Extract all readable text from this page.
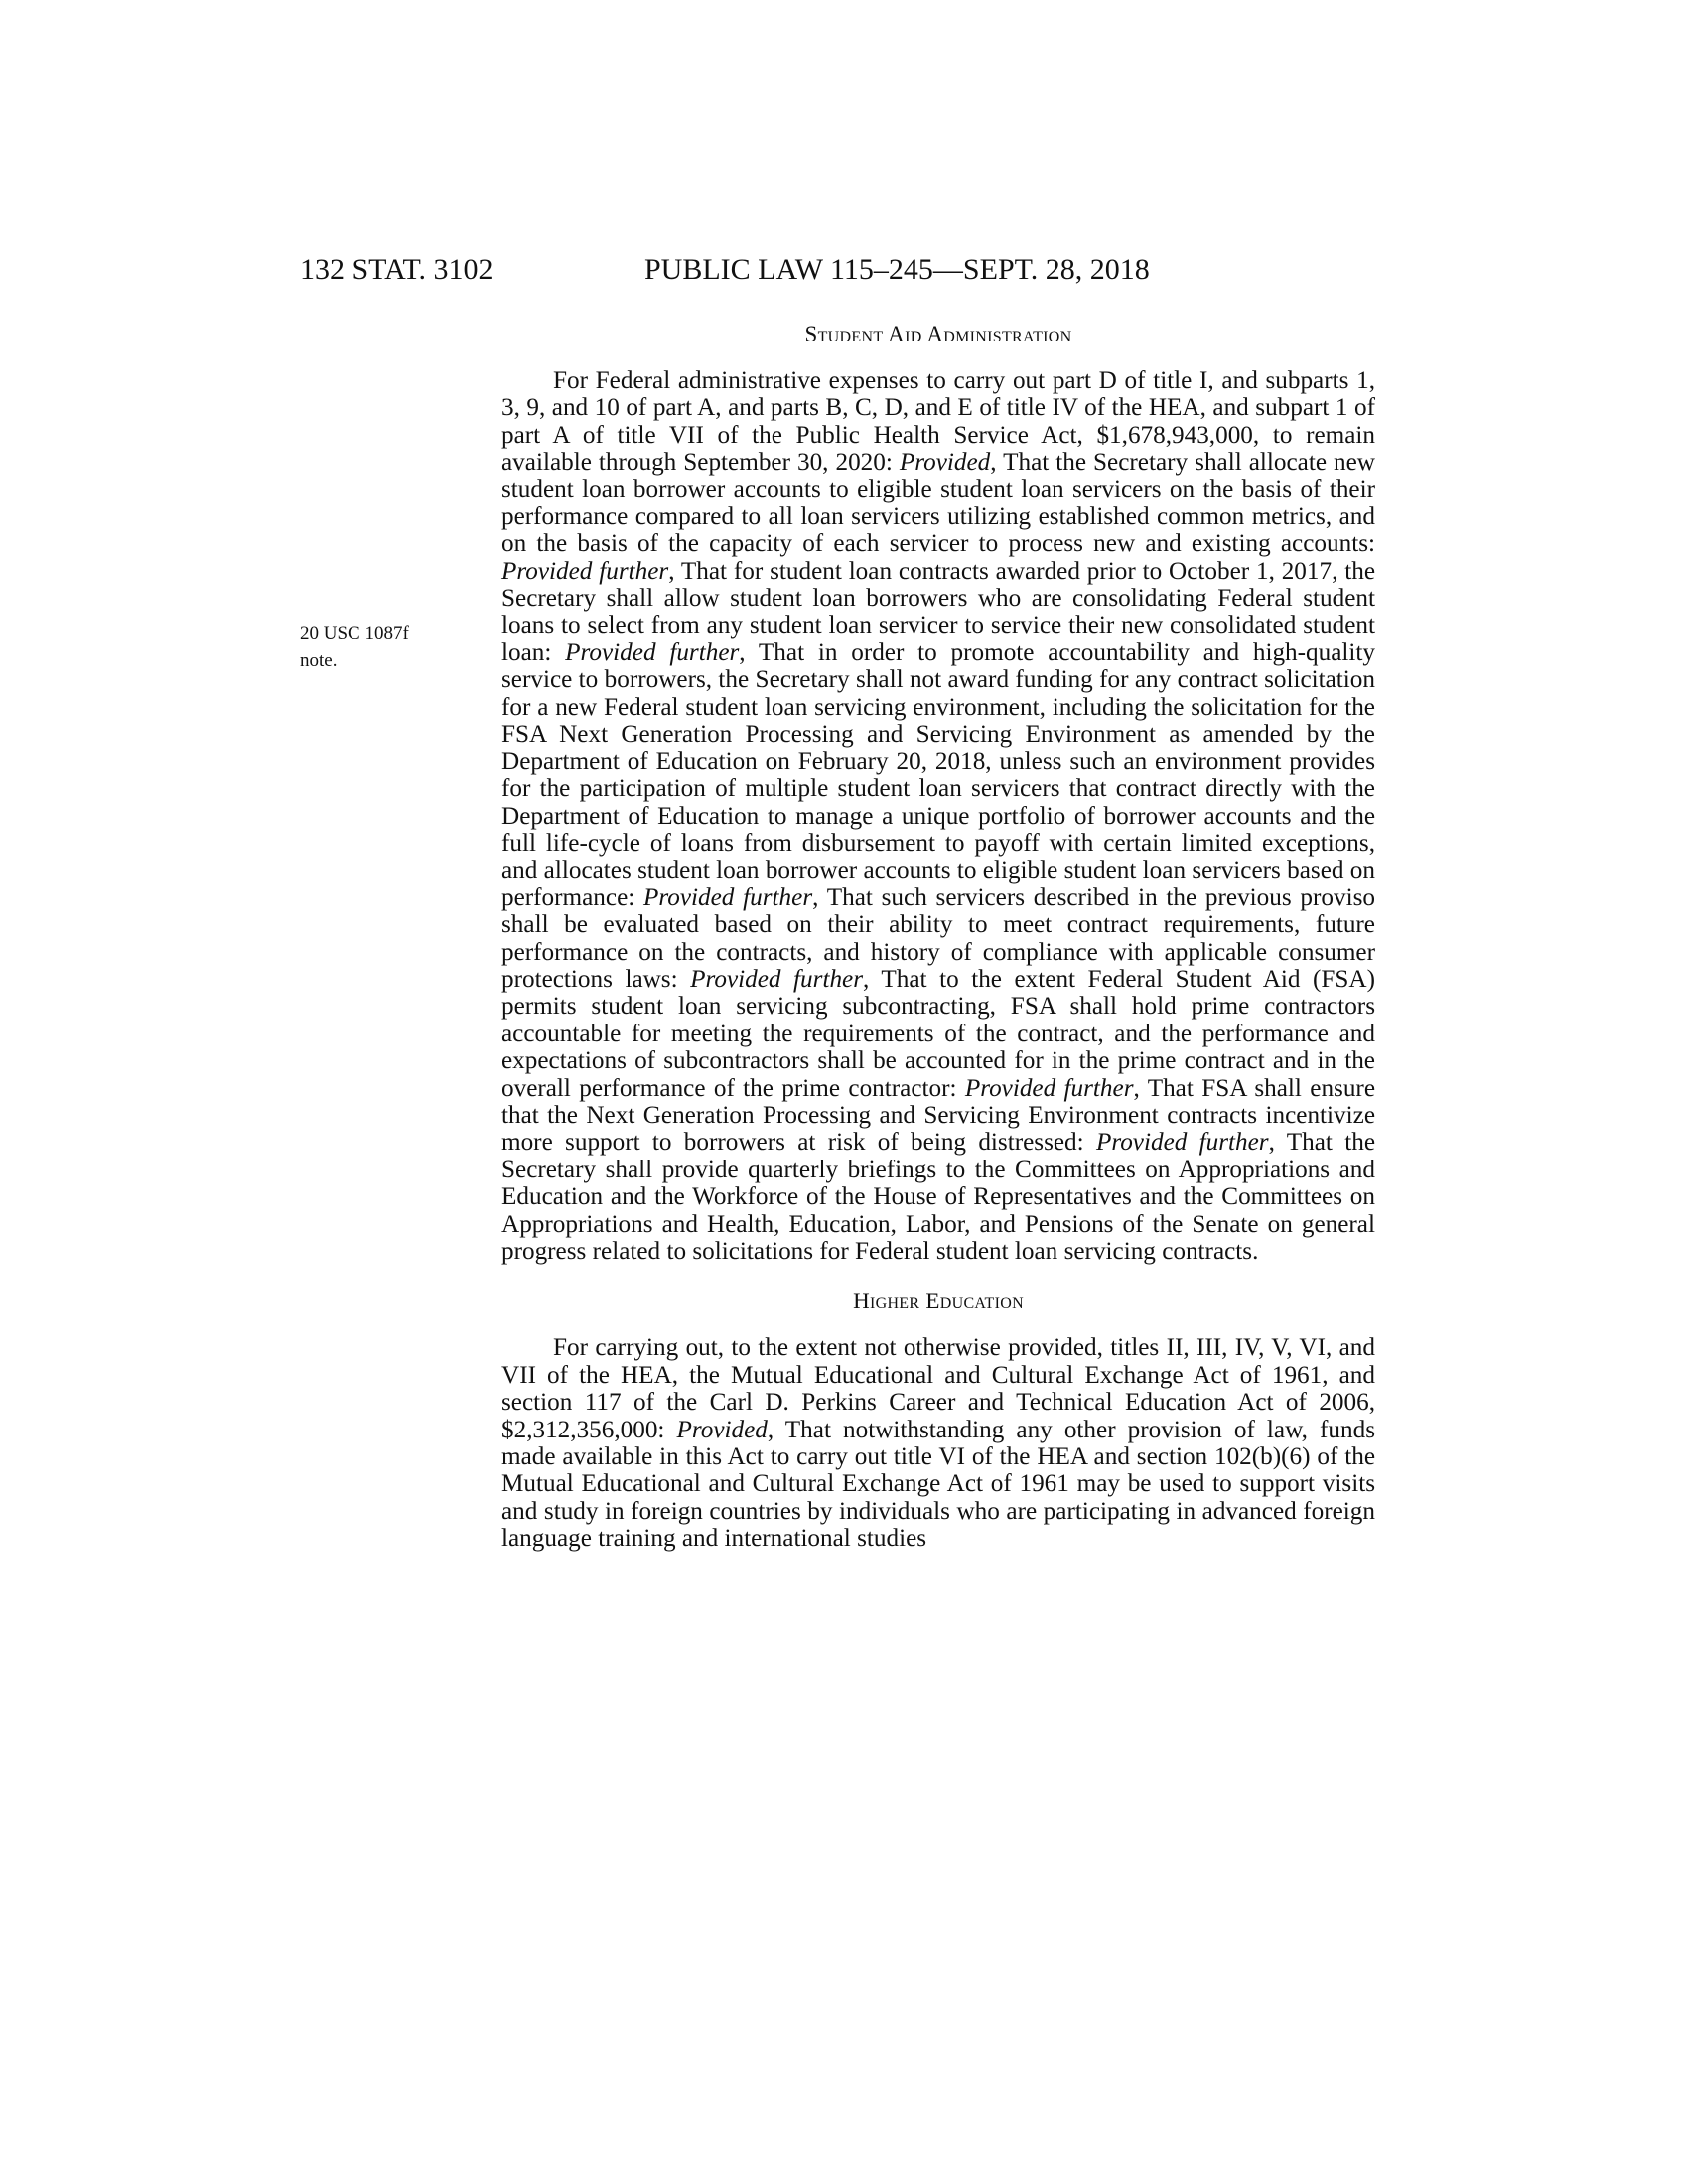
132 STAT. 3102	PUBLIC LAW 115–245—SEPT. 28, 2018
20 USC 1087f
note.
Student Aid Administration

For Federal administrative expenses to carry out part D of title I, and subparts 1, 3, 9, and 10 of part A, and parts B, C, D, and E of title IV of the HEA, and subpart 1 of part A of title VII of the Public Health Service Act, $1,678,943,000, to remain available through September 30, 2020: Provided, That the Secretary shall allocate new student loan borrower accounts to eligible student loan servicers on the basis of their performance compared to all loan servicers utilizing established common metrics, and on the basis of the capacity of each servicer to process new and existing accounts: Provided further, That for student loan contracts awarded prior to October 1, 2017, the Secretary shall allow student loan borrowers who are consolidating Federal student loans to select from any student loan servicer to service their new consolidated student loan: Provided further, That in order to promote accountability and high-quality service to borrowers, the Secretary shall not award funding for any contract solicitation for a new Federal student loan servicing environment, including the solicitation for the FSA Next Generation Processing and Servicing Environment as amended by the Department of Education on February 20, 2018, unless such an environment provides for the participation of multiple student loan servicers that contract directly with the Department of Education to manage a unique portfolio of borrower accounts and the full life-cycle of loans from disbursement to payoff with certain limited exceptions, and allocates student loan borrower accounts to eligible student loan servicers based on performance: Provided further, That such servicers described in the previous proviso shall be evaluated based on their ability to meet contract requirements, future performance on the contracts, and history of compliance with applicable consumer protections laws: Provided further, That to the extent Federal Student Aid (FSA) permits student loan servicing subcontracting, FSA shall hold prime contractors accountable for meeting the requirements of the contract, and the performance and expectations of subcontractors shall be accounted for in the prime contract and in the overall performance of the prime contractor: Provided further, That FSA shall ensure that the Next Generation Processing and Servicing Environment contracts incentivize more support to borrowers at risk of being distressed: Provided further, That the Secretary shall provide quarterly briefings to the Committees on Appropriations and Education and the Workforce of the House of Representatives and the Committees on Appropriations and Health, Education, Labor, and Pensions of the Senate on general progress related to solicitations for Federal student loan servicing contracts.

Higher Education

For carrying out, to the extent not otherwise provided, titles II, III, IV, V, VI, and VII of the HEA, the Mutual Educational and Cultural Exchange Act of 1961, and section 117 of the Carl D. Perkins Career and Technical Education Act of 2006, $2,312,356,000: Provided, That notwithstanding any other provision of law, funds made available in this Act to carry out title VI of the HEA and section 102(b)(6) of the Mutual Educational and Cultural Exchange Act of 1961 may be used to support visits and study in foreign countries by individuals who are participating in advanced foreign language training and international studies
